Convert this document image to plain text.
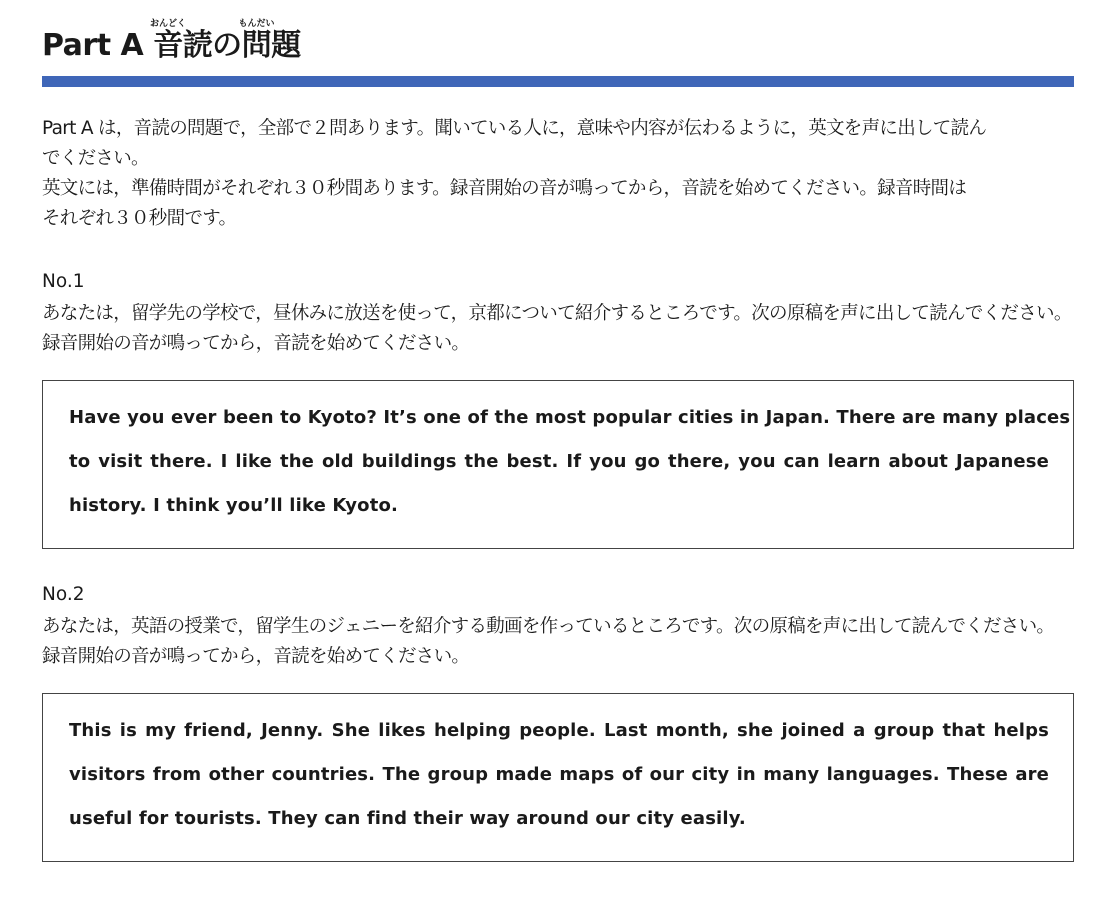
Part A 音おんどく読の問もんだい題

Part A は，音読の問題で，全部で２問あります。聞いている人に，意味や内容が伝わるように，英文を声に出して読ん

でください。

英文には，準備時間がそれぞれ３０秒間あります。録音開始の音が鳴ってから，音読を始めてください。録音時間は

それぞれ３０秒間です。

No.1

あなたは，留学先の学校で，昼休みに放送を使って，京都について紹介するところです。次の原稿を声に出して読んでください。

録音開始の音が鳴ってから，音読を始めてください。

Have you ever been to Kyoto? It’s one of the most popular cities in Japan. There are many places

to visit there. I like the old buildings the best. If you go there, you can learn about Japanese

history. I think you’ll like Kyoto.

No.2

あなたは，英語の授業で，留学生のジェニーを紹介する動画を作っているところです。次の原稿を声に出して読んでください。

録音開始の音が鳴ってから，音読を始めてください。

This is my friend, Jenny. She likes helping people. Last month, she joined a group that helps

visitors from other countries. The group made maps of our city in many languages. These are

useful for tourists. They can find their way around our city easily.
